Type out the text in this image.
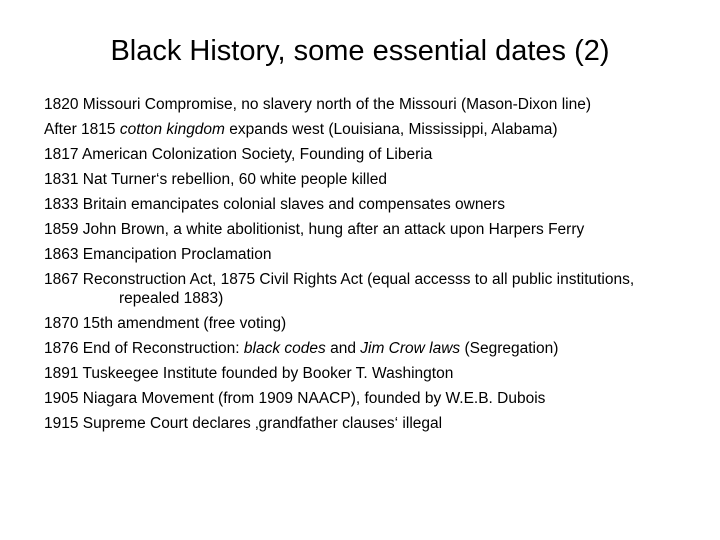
Black History, some essential dates (2)
1820 Missouri Compromise, no slavery north of the Missouri (Mason-Dixon line)
After 1815 cotton kingdom expands west (Louisiana, Mississippi, Alabama)
1817 American Colonization Society, Founding of Liberia
1831 Nat Turner‘s rebellion, 60 white people killed
1833 Britain emancipates colonial slaves and compensates owners
1859 John Brown, a white abolitionist, hung after an attack upon Harpers Ferry
1863 Emancipation Proclamation
1867 Reconstruction Act, 1875 Civil Rights Act (equal accesss to all public institutions, repealed 1883)
1870 15th amendment (free voting)
1876 End of Reconstruction: black codes and Jim Crow laws (Segregation)
1891 Tuskeegee Institute founded by Booker T. Washington
1905 Niagara Movement (from 1909 NAACP), founded by W.E.B. Dubois
1915 Supreme Court declares ‚grandfather clauses‘ illegal
